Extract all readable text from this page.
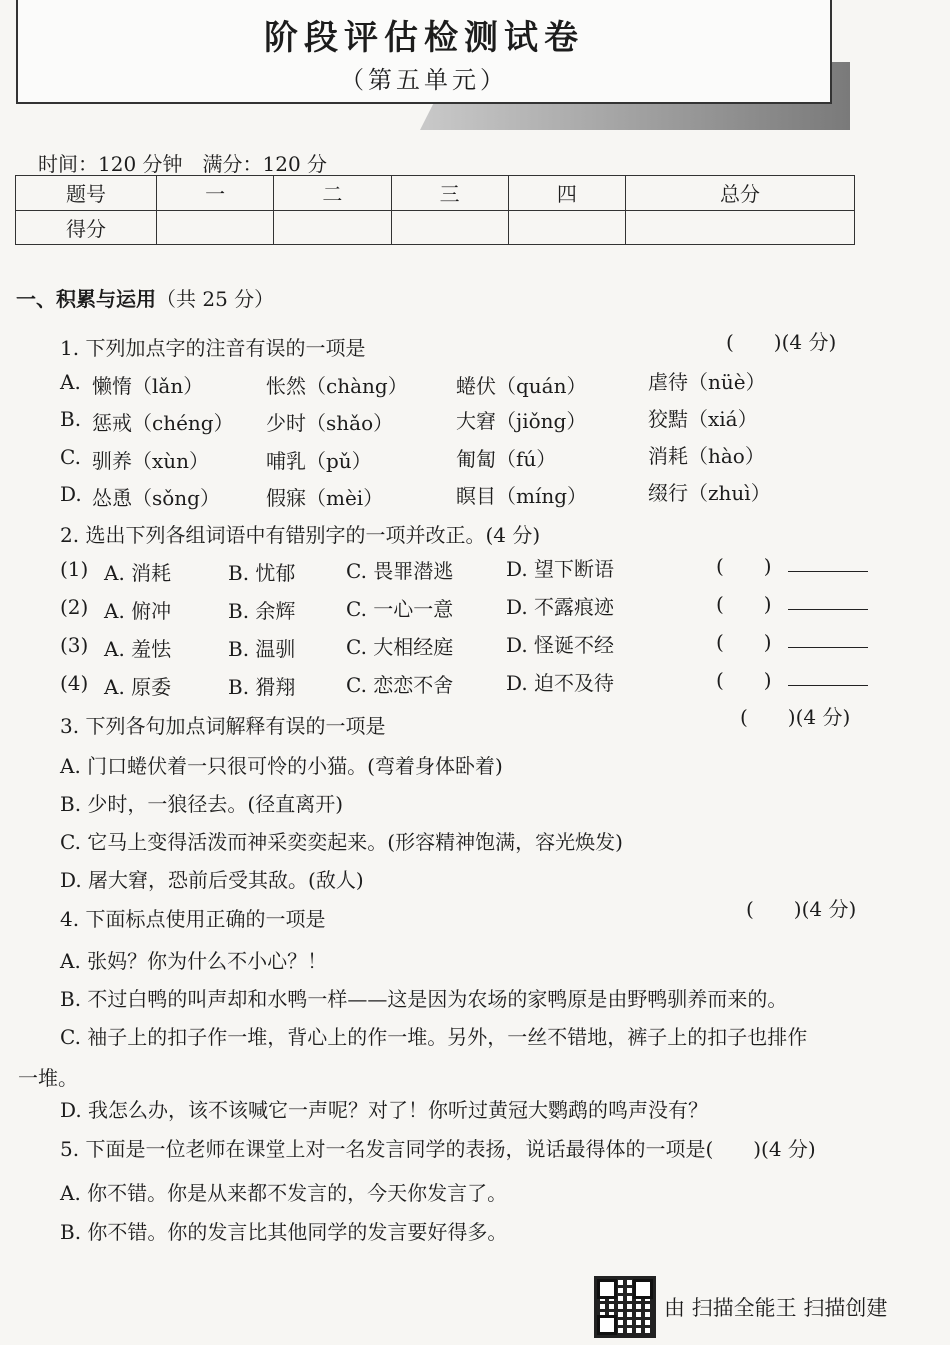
阶段评估检测试卷
（第五单元）
时间：120 分钟　满分：120 分
题号	一	二	三	四	总分
得分					
一、积累与运用（共 25 分）
1. 下列加点字的注音有误的一项是	(　　)(4 分)
A. 懒惰（lǎn）	怅然（chàng） 蜷伏（quán）	虐待（nüè）
B. 惩戒（chéng） 少时（shǎo）	大窘（jiǒng）	狡黠（xiá）
C. 驯养（xùn）	哺乳（pǔ）	匍匐（fú）	消耗（hào）
D. 怂恿（sǒng） 假寐（mèi）	瞑目（míng）	缀行（zhuì）
2. 选出下列各组词语中有错别字的一项并改正。(4 分)
(1) A. 消耗	B. 忧郁	C. 畏罪潜逃	D. 望下断语	(　　)
(2) A. 俯冲	B. 余辉	C. 一心一意	D. 不露痕迹	(　　)
(3) A. 羞怯	B. 温驯	C. 大相经庭	D. 怪诞不经	(　　)
(4) A. 原委	B. 猾翔	C. 恋恋不舍	D. 迫不及待	(　　)
3. 下列各句加点词解释有误的一项是	(　　)(4 分)
A. 门口蜷伏着一只很可怜的小猫。(弯着身体卧着)
B. 少时，一狼径去。(径直离开)
C. 它马上变得活泼而神采奕奕起来。(形容精神饱满，容光焕发)
D. 屠大窘，恐前后受其敌。(敌人)
4. 下面标点使用正确的一项是	(　　)(4 分)
A. 张妈？你为什么不小心？！
B. 不过白鸭的叫声却和水鸭一样——这是因为农场的家鸭原是由野鸭驯养而来的。
C. 袖子上的扣子作一堆，背心上的作一堆。另外，一丝不错地，裤子上的扣子也排作
一堆。
D. 我怎么办，该不该喊它一声呢？对了！你听过黄冠大鹦鹉的鸣声没有？
5. 下面是一位老师在课堂上对一名发言同学的表扬，说话最得体的一项是(　　)(4 分)
A. 你不错。你是从来都不发言的，今天你发言了。
B. 你不错。你的发言比其他同学的发言要好得多。
由 扫描全能王 扫描创建
